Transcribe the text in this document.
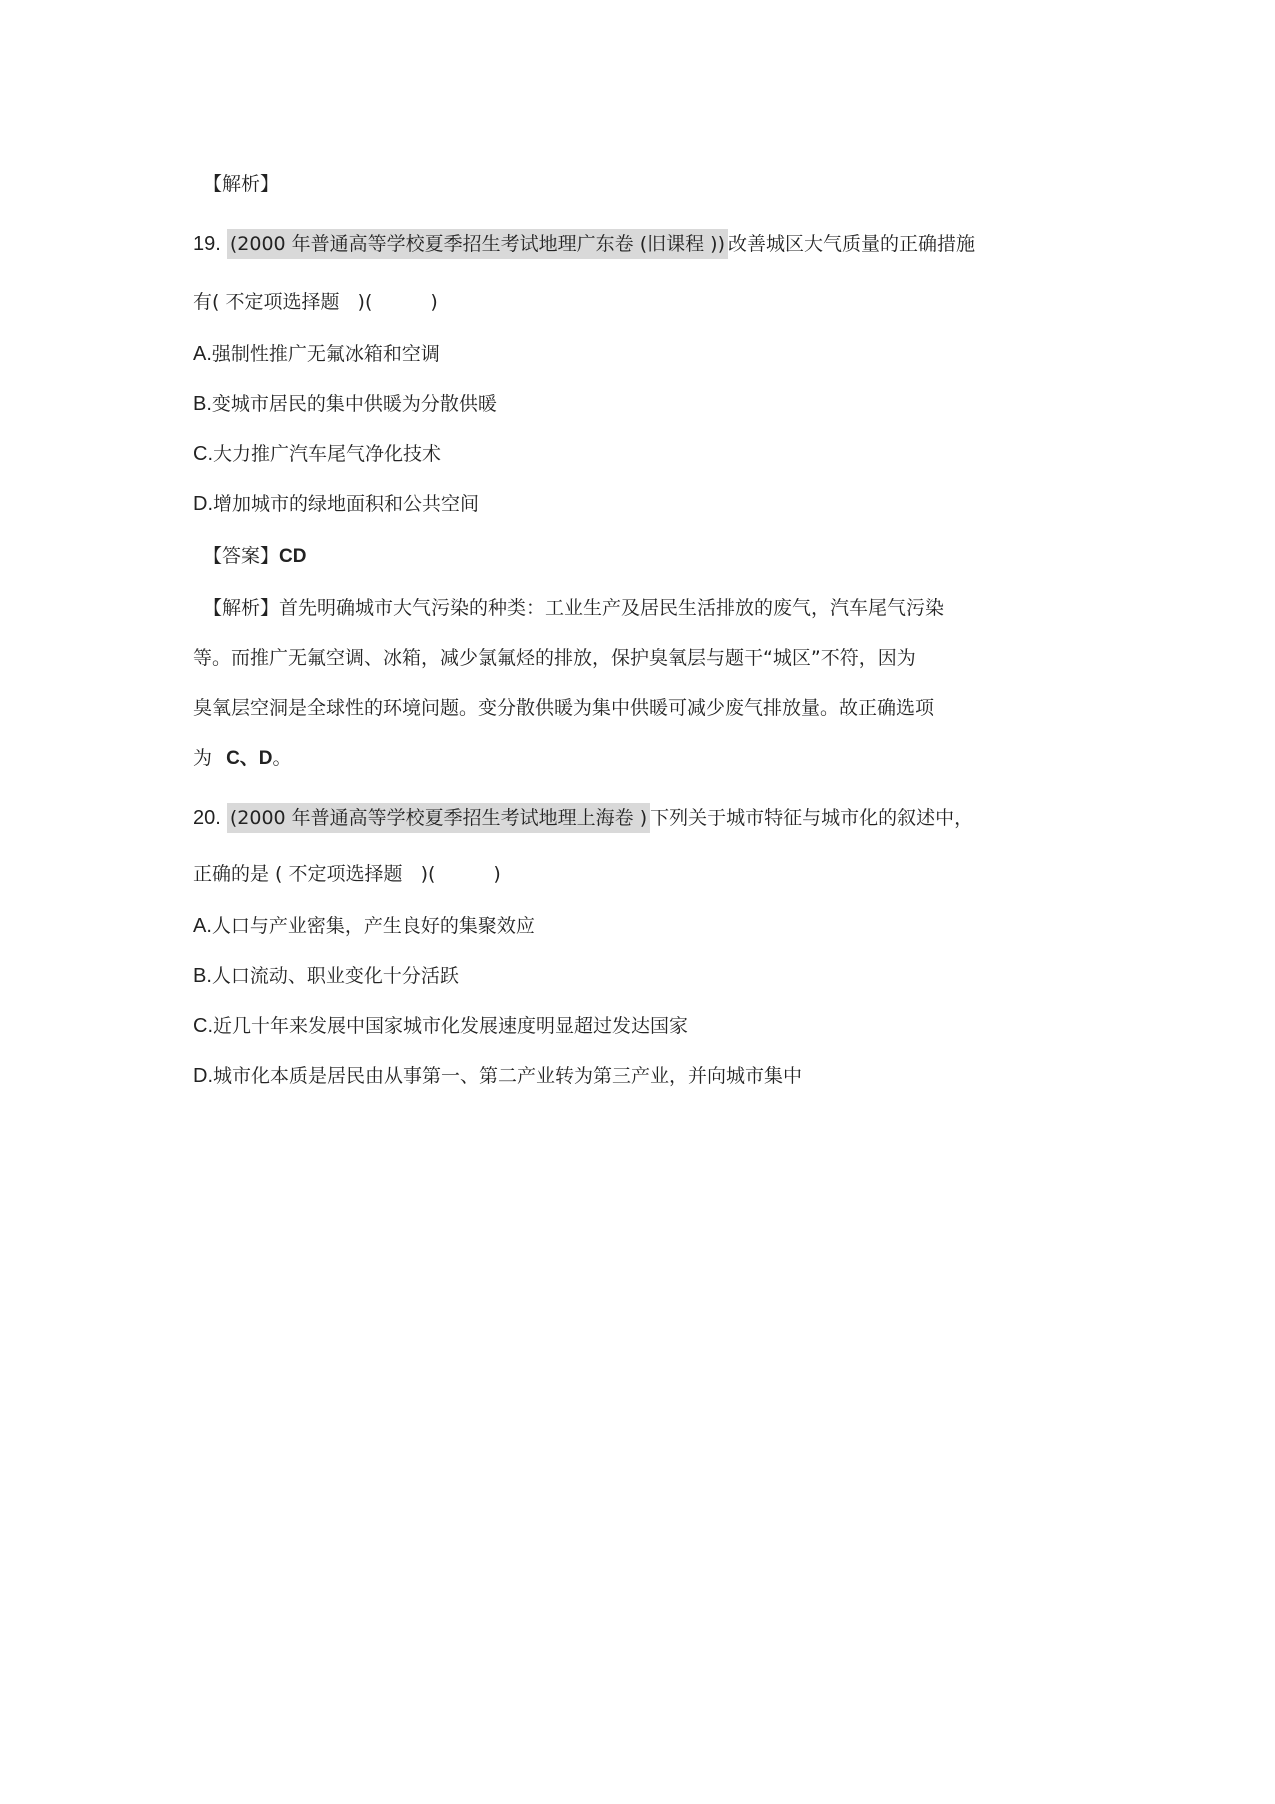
【解析】
19. (2000 年普通高等学校夏季招生考试地理广东卷 (旧课程 )) 改善城区大气质量的正确措施
有( 不定项选择题 )(	)
A.强制性推广无氟冰箱和空调
B.变城市居民的集中供暖为分散供暖
C.大力推广汽车尾气净化技术
D.增加城市的绿地面积和公共空间
【答案】CD
【解析】首先明确城市大气污染的种类：工业生产及居民生活排放的废气，汽车尾气污染
等。而推广无氟空调、冰箱，减少氯氟烃的排放，保护臭氧层与题干“城区”不符，因为
臭氧层空洞是全球性的环境问题。变分散供暖为集中供暖可减少废气排放量。故正确选项
为 C、D。
20. (2000 年普通高等学校夏季招生考试地理上海卷 ) 下列关于城市特征与城市化的叙述中，
正确的是 ( 不定项选择题 )(	)
A.人口与产业密集，产生良好的集聚效应
B.人口流动、职业变化十分活跃
C.近几十年来发展中国家城市化发展速度明显超过发达国家
D.城市化本质是居民由从事第一、第二产业转为第三产业，并向城市集中
